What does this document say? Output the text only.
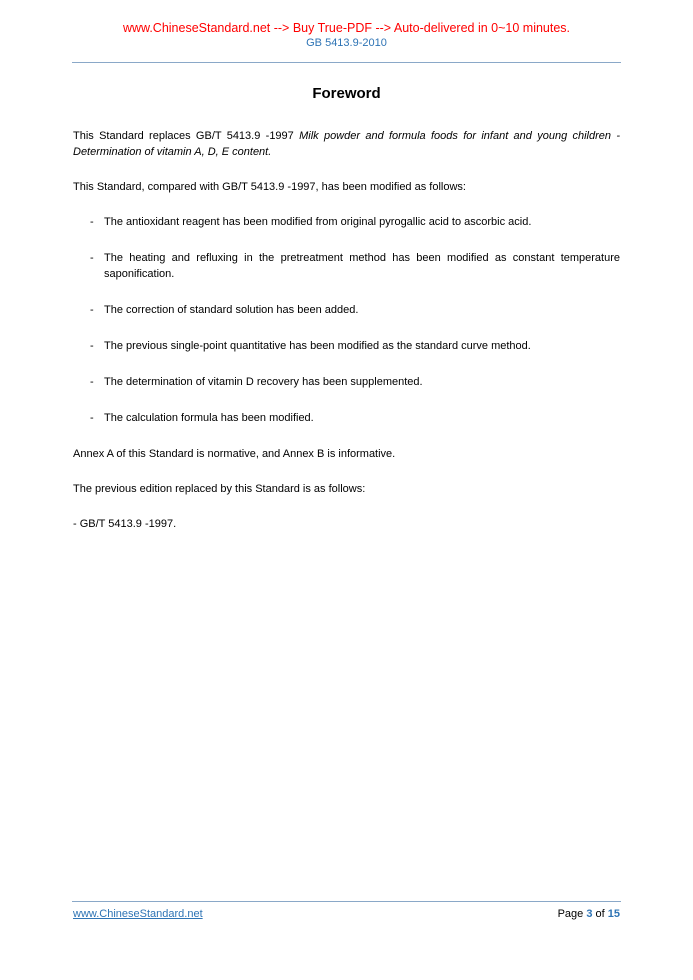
www.ChineseStandard.net --> Buy True-PDF --> Auto-delivered in 0~10 minutes.
GB 5413.9-2010
Foreword

This Standard replaces GB/T 5413.9 -1997 Milk powder and formula foods for infant and young children - Determination of vitamin A, D, E content.

This Standard, compared with GB/T 5413.9 -1997, has been modified as follows:

- The antioxidant reagent has been modified from original pyrogallic acid to ascorbic acid.
- The heating and refluxing in the pretreatment method has been modified as constant temperature saponification.
- The correction of standard solution has been added.
- The previous single-point quantitative has been modified as the standard curve method.
- The determination of vitamin D recovery has been supplemented.
- The calculation formula has been modified.

Annex A of this Standard is normative, and Annex B is informative.

The previous edition replaced by this Standard is as follows:

- GB/T 5413.9 -1997.

www.ChineseStandard.net	Page 3 of 15
